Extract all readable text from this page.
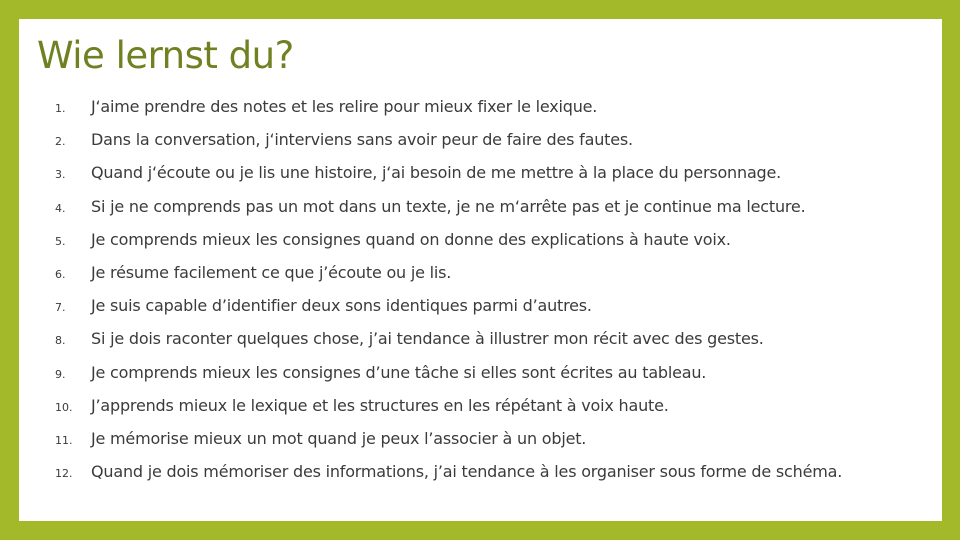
Wie lernst du?
1. J‘aime prendre des notes et les relire pour mieux fixer le lexique.
2. Dans la conversation, j‘interviens sans avoir peur de faire des fautes.
3. Quand j‘écoute ou je lis une histoire, j‘ai besoin de me mettre à la place du personnage.
4. Si je ne comprends pas un mot dans un texte, je ne m‘arrête pas et je continue ma lecture.
5. Je comprends mieux les consignes quand on donne des explications à haute voix.
6. Je résume facilement ce que j’écoute ou je lis.
7. Je suis capable d’identifier deux sons identiques parmi d’autres.
8. Si je dois raconter quelques chose, j’ai tendance à illustrer mon récit avec des gestes.
9. Je comprends mieux les consignes d’une tâche si elles sont écrites au tableau.
10. J’apprends mieux le lexique et les structures en les répétant à voix haute.
11. Je mémorise mieux un mot quand je peux l’associer à un objet.
12. Quand je dois mémoriser des informations, j’ai tendance à les organiser sous forme de schéma.
